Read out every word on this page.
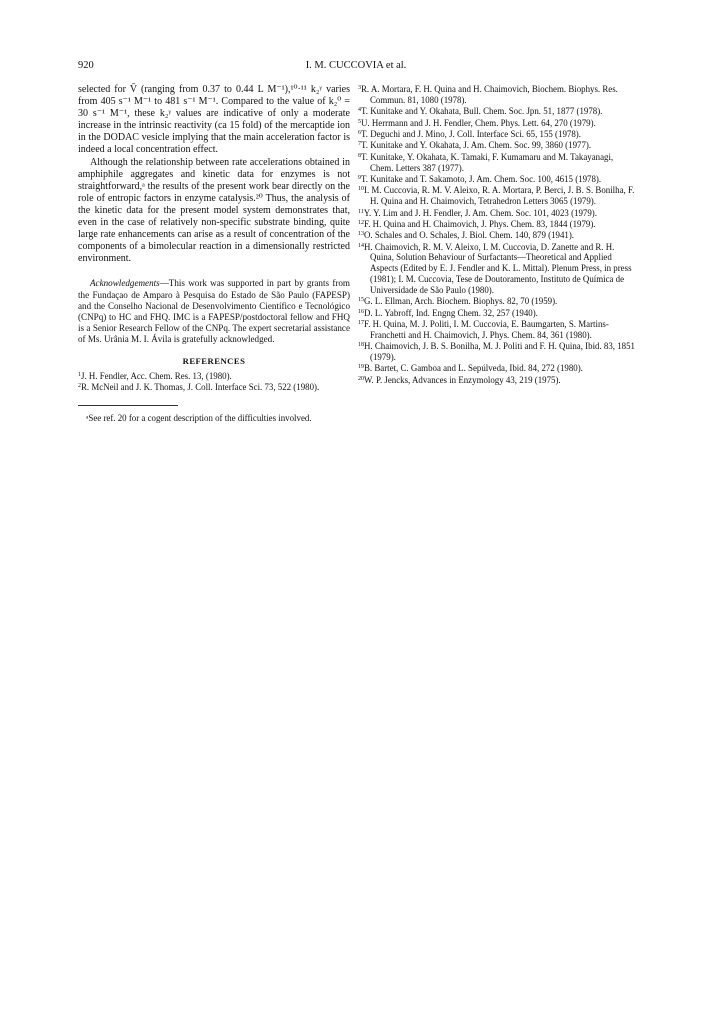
920	I. M. CUCCOVIA et al.

selected for V̄ (ranging from 0.37 to 0.44 L M⁻¹),¹⁰·¹¹ k₂ᵞ varies from 405 s⁻¹ M⁻¹ to 481 s⁻¹ M⁻¹. Compared to the value of k₂⁰ = 30 s⁻¹ M⁻¹, these k₂ᵞ values are indicative of only a moderate increase in the intrinsic reactivity (ca 15 fold) of the mercaptide ion in the DODAC vesicle implying that the main acceleration factor is indeed a local concentration effect.

Although the relationship between rate accelerations obtained in amphiphile aggregates and kinetic data for enzymes is not straightforward,ᵃ the results of the present work bear directly on the role of entropic factors in enzyme catalysis.²⁰ Thus, the analysis of the kinetic data for the present model system demonstrates that, even in the case of relatively non-specific substrate binding, quite large rate enhancements can arise as a result of concentration of the components of a bimolecular reaction in a dimensionally restricted environment.

Acknowledgements—This work was supported in part by grants from the Fundaçao de Amparo à Pesquisa do Estado de São Paulo (FAPESP) and the Conselho Nacional de Desenvolvimento Científico e Tecnológico (CNPq) to HC and FHQ. IMC is a FAPESP/postdoctoral fellow and FHQ is a Senior Research Fellow of the CNPq. The expert secretarial assistance of Ms. Urânia M. I. Ávila is gratefully acknowledged.

REFERENCES

$^1$J. H. Fendler, Acc. Chem. Res. 13, (1980).

$^2$R. McNeil and J. K. Thomas, J. Coll. Interface Sci. 73, 522 (1980).

ᵃSee ref. 20 for a cogent description of the difficulties involved.

$^3$R. A. Mortara, F. H. Quina and H. Chaimovich, Biochem. Biophys. Res. Commun. 81, 1080 (1978).

$^4$T. Kunitake and Y. Okahata, Bull. Chem. Soc. Jpn. 51, 1877 (1978).

$^5$U. Herrmann and J. H. Fendler, Chem. Phys. Lett. 64, 270 (1979).

$^6$T. Deguchi and J. Mino, J. Coll. Interface Sci. 65, 155 (1978).

$^7$T. Kunitake and Y. Okahata, J. Am. Chem. Soc. 99, 3860 (1977).

$^8$T. Kunitake, Y. Okahata, K. Tamaki, F. Kumamaru and M. Takayanagi, Chem. Letters 387 (1977).

$^9$T. Kunitake and T. Sakamoto, J. Am. Chem. Soc. 100, 4615 (1978).

$^{10}$I. M. Cuccovia, R. M. V. Aleixo, R. A. Mortara, P. Berci, J. B. S. Bonilha, F. H. Quina and H. Chaimovich, Tetrahedron Letters 3065 (1979).

$^{11}$Y. Y. Lim and J. H. Fendler, J. Am. Chem. Soc. 101, 4023 (1979).

$^{12}$F. H. Quina and H. Chaimovich, J. Phys. Chem. 83, 1844 (1979).

$^{13}$O. Schales and O. Schales, J. Biol. Chem. 140, 879 (1941).

$^{14}$H. Chaimovich, R. M. V. Aleixo, I. M. Cuccovia, D. Zanette and R. H. Quina, Solution Behaviour of Surfactants—Theoretical and Applied Aspects (Edited by E. J. Fendler and K. L. Mittal). Plenum Press, in press (1981); I. M. Cuccovia, Tese de Doutoramento, Instituto de Química de Universidade de São Paulo (1980).

$^{15}$G. L. Ellman, Arch. Biochem. Biophys. 82, 70 (1959).

$^{16}$D. L. Yabroff, Ind. Engng Chem. 32, 257 (1940).

$^{17}$F. H. Quina, M. J. Politi, I. M. Cuccovia, E. Baumgarten, S. Martins-Franchetti and H. Chaimovich, J. Phys. Chem. 84, 361 (1980).

$^{18}$H. Chaimovich, J. B. S. Bonilha, M. J. Politi and F. H. Quina, Ibid. 83, 1851 (1979).

$^{19}$B. Bartet, C. Gamboa and L. Sepúlveda, Ibid. 84, 272 (1980).

$^{20}$W. P. Jencks, Advances in Enzymology 43, 219 (1975).
